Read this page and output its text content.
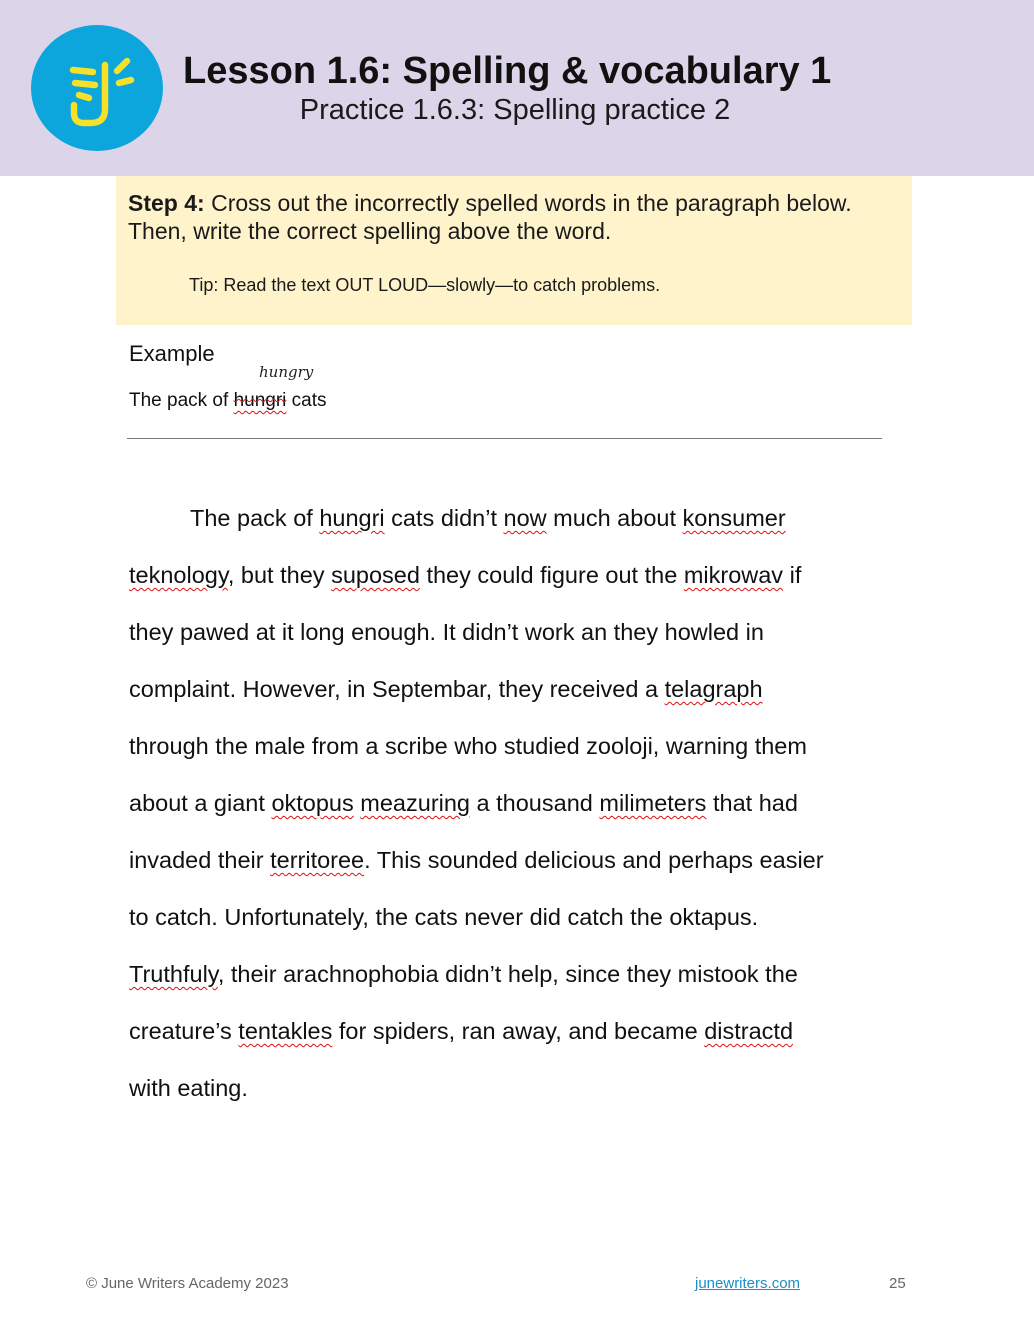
Lesson 1.6: Spelling & vocabulary 1
Practice 1.6.3: Spelling practice 2
Step 4: Cross out the incorrectly spelled words in the paragraph below. Then, write the correct spelling above the word.
Tip: Read the text OUT LOUD—slowly—to catch problems.
Example
hungry
The pack of hungri cats
The pack of hungri cats didn’t now much about konsumer
teknology, but they suposed they could figure out the mikrowav if
they pawed at it long enough. It didn’t work an they howled in
complaint. However, in Septembar, they received a telagraph
through the male from a scribe who studied zooloji, warning them
about a giant oktopus meazuring a thousand milimeters that had
invaded their territoree. This sounded delicious and perhaps easier
to catch. Unfortunately, the cats never did catch the oktapus.
Truthfuly, their arachnophobia didn’t help, since they mistook the
creature’s tentakles for spiders, ran away, and became distractd
with eating.
© June Writers Academy 2023	junewriters.com	25
